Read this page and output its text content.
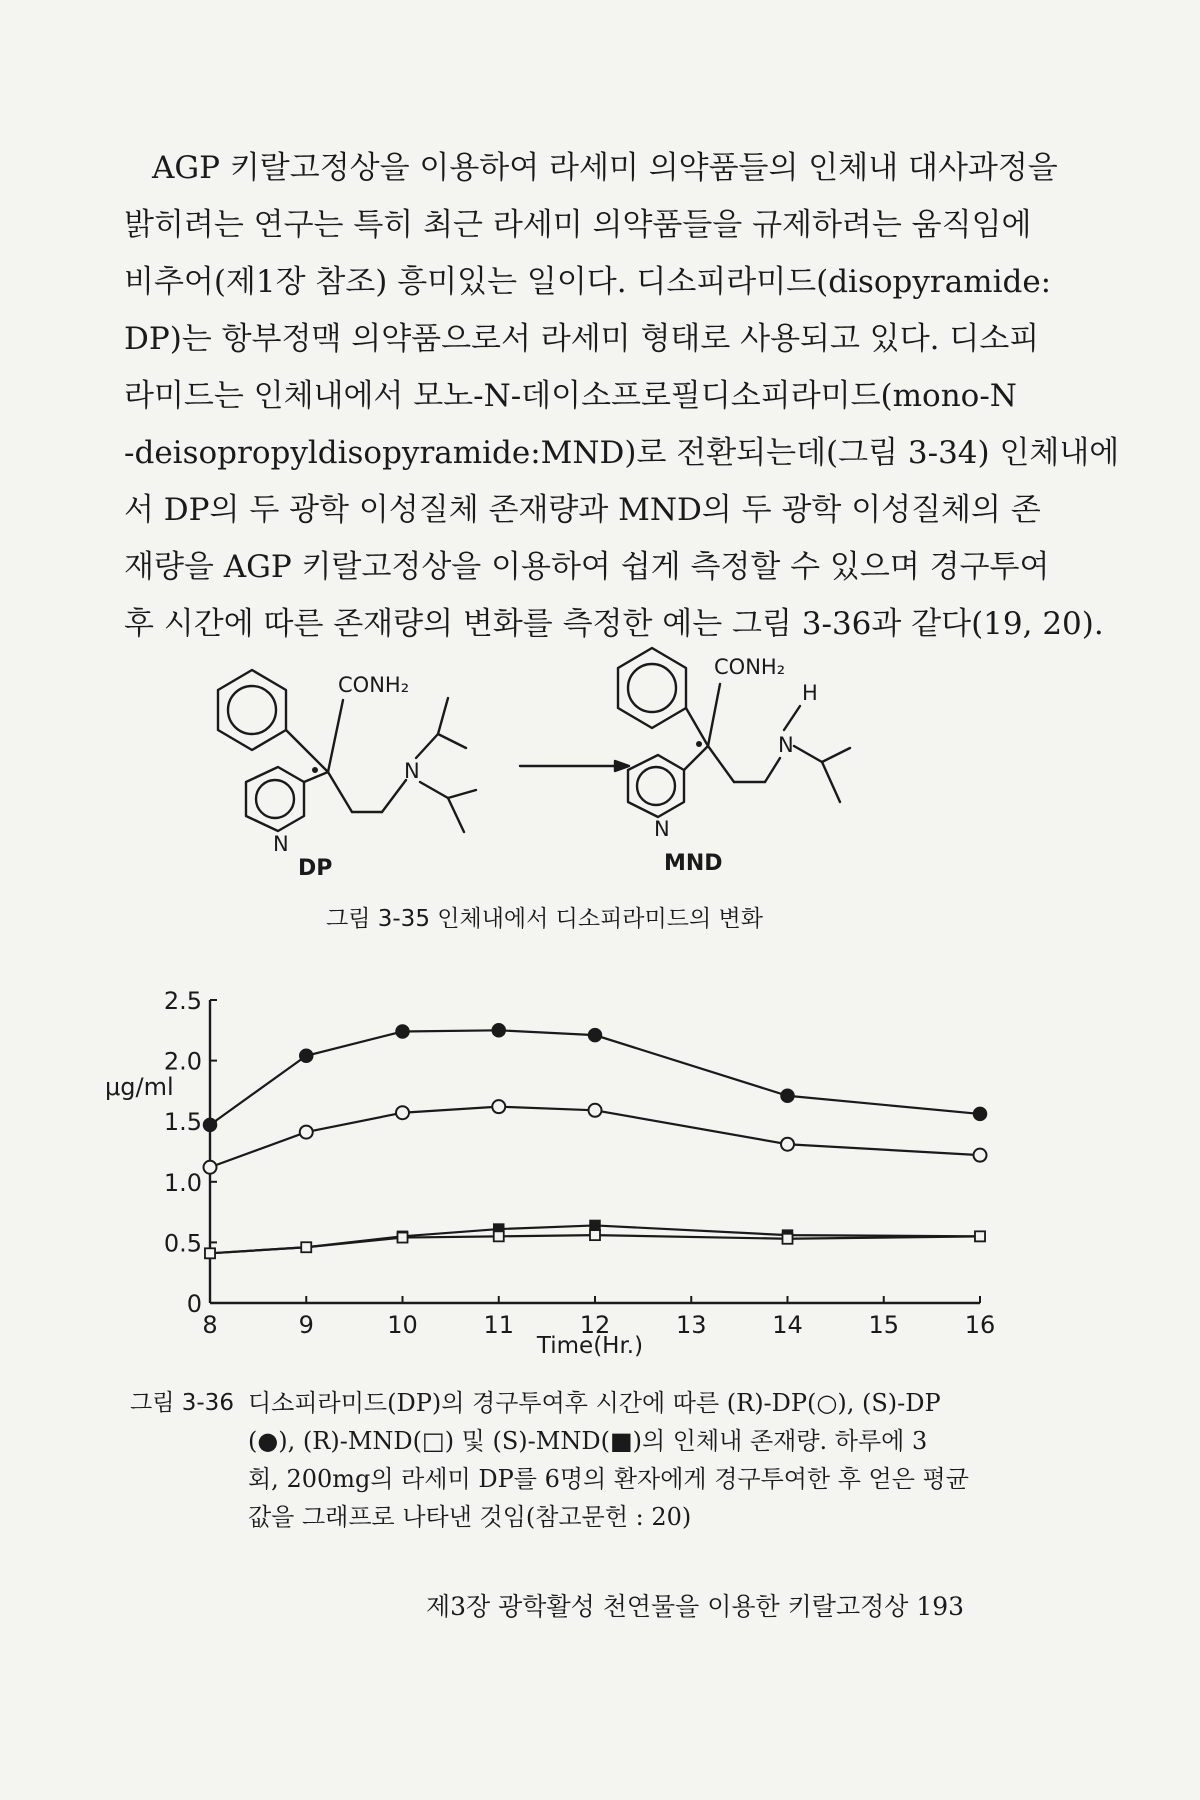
AGP 키랄고정상을 이용하여 라세미 의약품들의 인체내 대사과정을
밝히려는 연구는 특히 최근 라세미 의약품들을 규제하려는 움직임에
비추어(제1장 참조) 흥미있는 일이다. 디소피라미드(disopyramide:
DP)는 항부정맥 의약품으로서 라세미 형태로 사용되고 있다. 디소피
라미드는 인체내에서 모노-N-데이소프로필디소피라미드(mono-N
-deisopropyldisopyramide:MND)로 전환되는데(그림 3-34) 인체내에
서 DP의 두 광학 이성질체 존재량과 MND의 두 광학 이성질체의 존
재량을 AGP 키랄고정상을 이용하여 쉽게 측정할 수 있으며 경구투여
후 시간에 따른 존재량의 변화를 측정한 예는 그림 3-36과 같다(19, 20).
CONH₂
N
N
DP
CONH₂
H
N
N
MND
그림 3-35 인체내에서 디소피라미드의 변화
0
0.5
1.0
1.5
2.0
2.5
8	9	10	11	12	13	14	15	16
μg/ml
Time(Hr.)
그림 3-36 디소피라미드(DP)의 경구투여후 시간에 따른 (R)-DP(○), (S)-DP
(●), (R)-MND(□) 및 (S)-MND(■)의 인체내 존재량. 하루에 3
회, 200mg의 라세미 DP를 6명의 환자에게 경구투여한 후 얻은 평균
값을 그래프로 나타낸 것임(참고문헌 : 20)
제3장 광학활성 천연물을 이용한 키랄고정상 193
